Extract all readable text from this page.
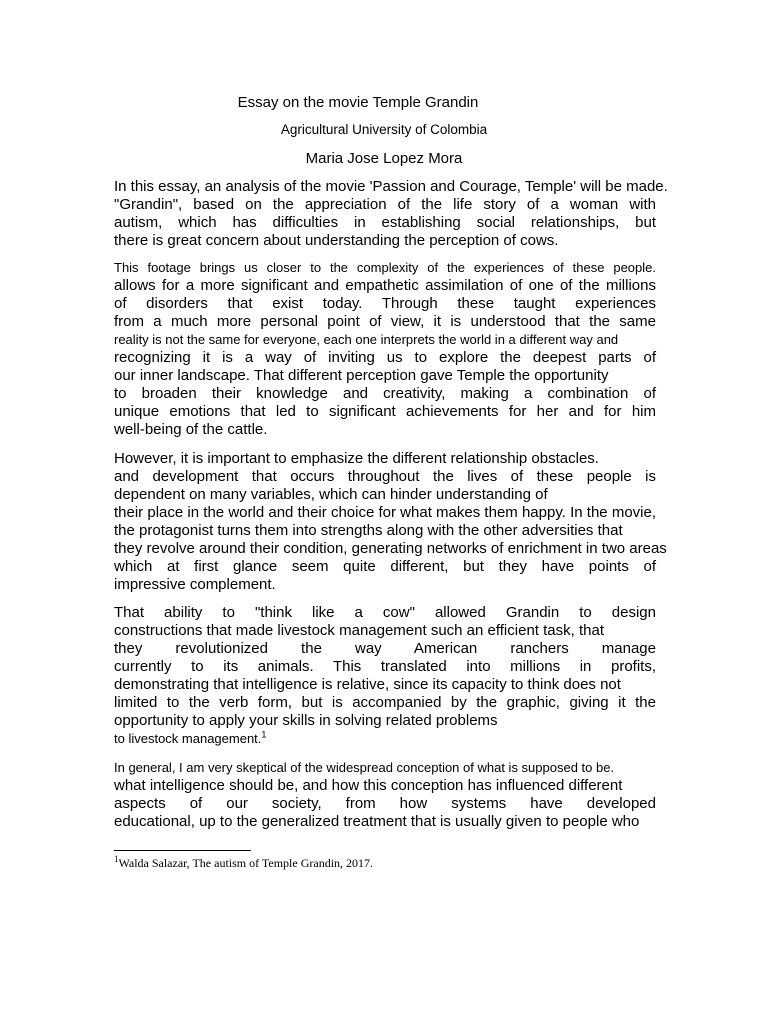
Essay on the movie Temple Grandin

Agricultural University of Colombia

Maria Jose Lopez Mora

In this essay, an analysis of the movie 'Passion and Courage, Temple' will be made.
"Grandin", based on the appreciation of the life story of a woman with
autism, which has difficulties in establishing social relationships, but
there is great concern about understanding the perception of cows.
This footage brings us closer to the complexity of the experiences of these people.
allows for a more significant and empathetic assimilation of one of the millions
of disorders that exist today. Through these taught experiences
from a much more personal point of view, it is understood that the same
reality is not the same for everyone, each one interprets the world in a different way and
recognizing it is a way of inviting us to explore the deepest parts of
our inner landscape. That different perception gave Temple the opportunity
to broaden their knowledge and creativity, making a combination of
unique emotions that led to significant achievements for her and for him
well-being of the cattle.
However, it is important to emphasize the different relationship obstacles.
and development that occurs throughout the lives of these people is
dependent on many variables, which can hinder understanding of
their place in the world and their choice for what makes them happy. In the movie,
the protagonist turns them into strengths along with the other adversities that
they revolve around their condition, generating networks of enrichment in two areas
which at first glance seem quite different, but they have points of
impressive complement.
That ability to "think like a cow" allowed Grandin to design
constructions that made livestock management such an efficient task, that
they revolutionized the way American ranchers manage
currently to its animals. This translated into millions in profits,
demonstrating that intelligence is relative, since its capacity to think does not
limited to the verb form, but is accompanied by the graphic, giving it the
opportunity to apply your skills in solving related problems
to livestock management.$^1$
In general, I am very skeptical of the widespread conception of what is supposed to be.
what intelligence should be, and how this conception has influenced different
aspects of our society, from how systems have developed
educational, up to the generalized treatment that is usually given to people who

$^1$Walda Salazar, The autism of Temple Grandin, 2017.
